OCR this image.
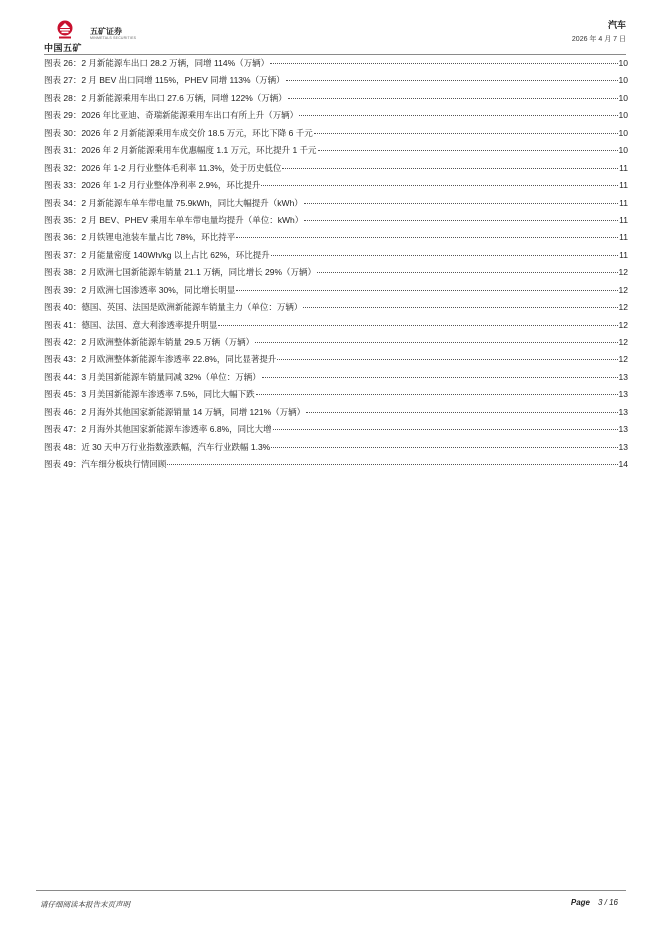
中国五矿
五矿证券
MINMETALS SECURITIES
汽车
2026 年 4 月 7 日
图表 26：2 月新能源车出口 28.2 万辆，同增 114%（万辆）	10
图表 27：2 月 BEV 出口同增 115%，PHEV 同增 113%（万辆）	10
图表 28：2 月新能源乘用车出口 27.6 万辆，同增 122%（万辆）	10
图表 29：2026 年比亚迪、奇瑞新能源乘用车出口有所上升（万辆）	10
图表 30：2026 年 2 月新能源乘用车成交价 18.5 万元，环比下降 6 千元	10
图表 31：2026 年 2 月新能源乘用车优惠幅度 1.1 万元，环比提升 1 千元	10
图表 32：2026 年 1-2 月行业整体毛利率 11.3%，处于历史低位	11
图表 33：2026 年 1-2 月行业整体净利率 2.9%，环比提升	11
图表 34：2 月新能源车单车带电量 75.9kWh，同比大幅提升（kWh）	11
图表 35：2 月 BEV、PHEV 乘用车单车带电量均提升（单位：kWh）	11
图表 36：2 月铁锂电池装车量占比 78%，环比持平	11
图表 37：2 月能量密度 140Wh/kg 以上占比 62%，环比提升	11
图表 38：2 月欧洲七国新能源车销量 21.1 万辆，同比增长 29%（万辆）	12
图表 39：2 月欧洲七国渗透率 30%，同比增长明显	12
图表 40：德国、英国、法国是欧洲新能源车销量主力（单位：万辆）	12
图表 41：德国、法国、意大利渗透率提升明显	12
图表 42：2 月欧洲整体新能源车销量 29.5 万辆（万辆）	12
图表 43：2 月欧洲整体新能源车渗透率 22.8%，同比显著提升	12
图表 44：3 月美国新能源车销量同减 32%（单位：万辆）	13
图表 45：3 月美国新能源车渗透率 7.5%，同比大幅下跌	13
图表 46：2 月海外其他国家新能源销量 14 万辆，同增 121%（万辆）	13
图表 47：2 月海外其他国家新能源车渗透率 6.8%，同比大增	13
图表 48：近 30 天申万行业指数涨跌幅，汽车行业跌幅 1.3%	13
图表 49：汽车细分板块行情回顾	14
请仔细阅读本报告末页声明	Page 3 / 16
